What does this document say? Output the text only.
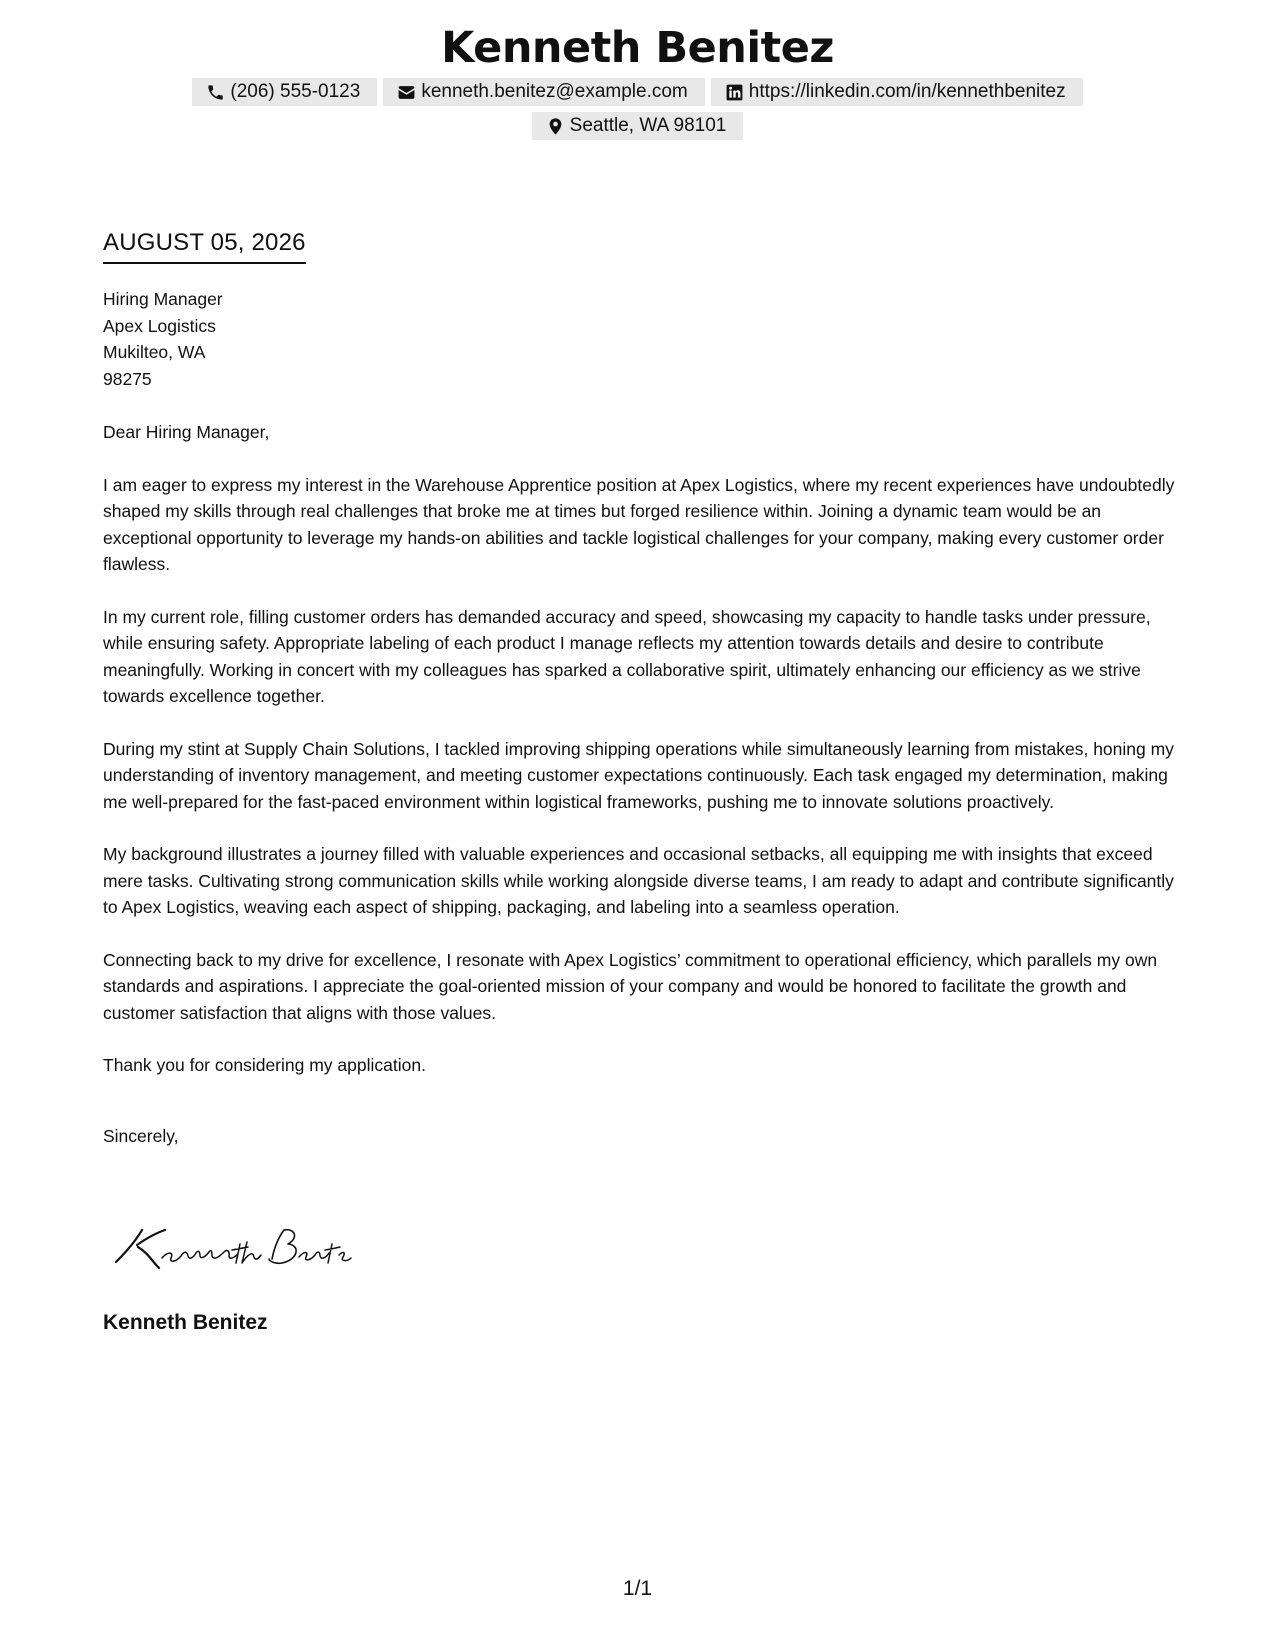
Kenneth Benitez
(206) 555-0123	kenneth.benitez@example.com	https://linkedin.com/in/kennethbenitez
Seattle, WA 98101
AUGUST 05, 2026
Hiring Manager
Apex Logistics
Mukilteo, WA
98275
Dear Hiring Manager,

I am eager to express my interest in the Warehouse Apprentice position at Apex Logistics, where my recent experiences have undoubtedly shaped my skills through real challenges that broke me at times but forged resilience within. Joining a dynamic team would be an exceptional opportunity to leverage my hands-on abilities and tackle logistical challenges for your company, making every customer order flawless.

In my current role, filling customer orders has demanded accuracy and speed, showcasing my capacity to handle tasks under pressure, while ensuring safety. Appropriate labeling of each product I manage reflects my attention towards details and desire to contribute meaningfully. Working in concert with my colleagues has sparked a collaborative spirit, ultimately enhancing our efficiency as we strive towards excellence together.

During my stint at Supply Chain Solutions, I tackled improving shipping operations while simultaneously learning from mistakes, honing my understanding of inventory management, and meeting customer expectations continuously. Each task engaged my determination, making me well-prepared for the fast-paced environment within logistical frameworks, pushing me to innovate solutions proactively.

My background illustrates a journey filled with valuable experiences and occasional setbacks, all equipping me with insights that exceed mere tasks. Cultivating strong communication skills while working alongside diverse teams, I am ready to adapt and contribute significantly to Apex Logistics, weaving each aspect of shipping, packaging, and labeling into a seamless operation.

Connecting back to my drive for excellence, I resonate with Apex Logistics’ commitment to operational efficiency, which parallels my own standards and aspirations. I appreciate the goal-oriented mission of your company and would be honored to facilitate the growth and customer satisfaction that aligns with those values.

Thank you for considering my application.
Sincerely,
Kenneth Benitez
1/1
